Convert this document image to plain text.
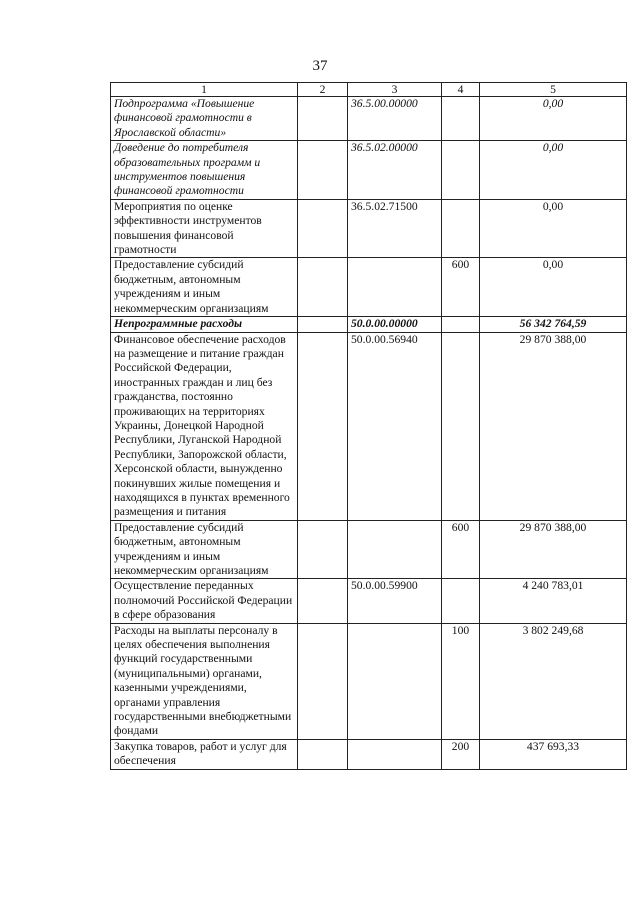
37
1	2	3	4	5
Подпрограмма «Повышение финансовой грамотности в Ярославской области»		36.5.00.00000		0,00
Доведение до потребителя образовательных программ и инструментов повышения финансовой грамотности		36.5.02.00000		0,00
Мероприятия по оценке эффективности инструментов повышения финансовой грамотности		36.5.02.71500		0,00
Предоставление субсидий бюджетным, автономным учреждениям и иным некоммерческим организациям			600	0,00
Непрограммные расходы		50.0.00.00000		56 342 764,59
Финансовое обеспечение расходов на размещение и питание граждан Российской Федерации, иностранных граждан и лиц без гражданства, постоянно проживающих на территориях Украины, Донецкой Народной Республики, Луганской Народной Республики, Запорожской области, Херсонской области, вынужденно покинувших жилые помещения и находящихся в пунктах временного размещения и питания		50.0.00.56940		29 870 388,00
Предоставление субсидий бюджетным, автономным учреждениям и иным некоммерческим организациям			600	29 870 388,00
Осуществление переданных полномочий Российской Федерации в сфере образования		50.0.00.59900		4 240 783,01
Расходы на выплаты персоналу в целях обеспечения выполнения функций государственными (муниципальными) органами, казенными учреждениями, органами управления государственными внебюджетными фондами			100	3 802 249,68
Закупка товаров, работ и услуг для обеспечения			200	437 693,33
